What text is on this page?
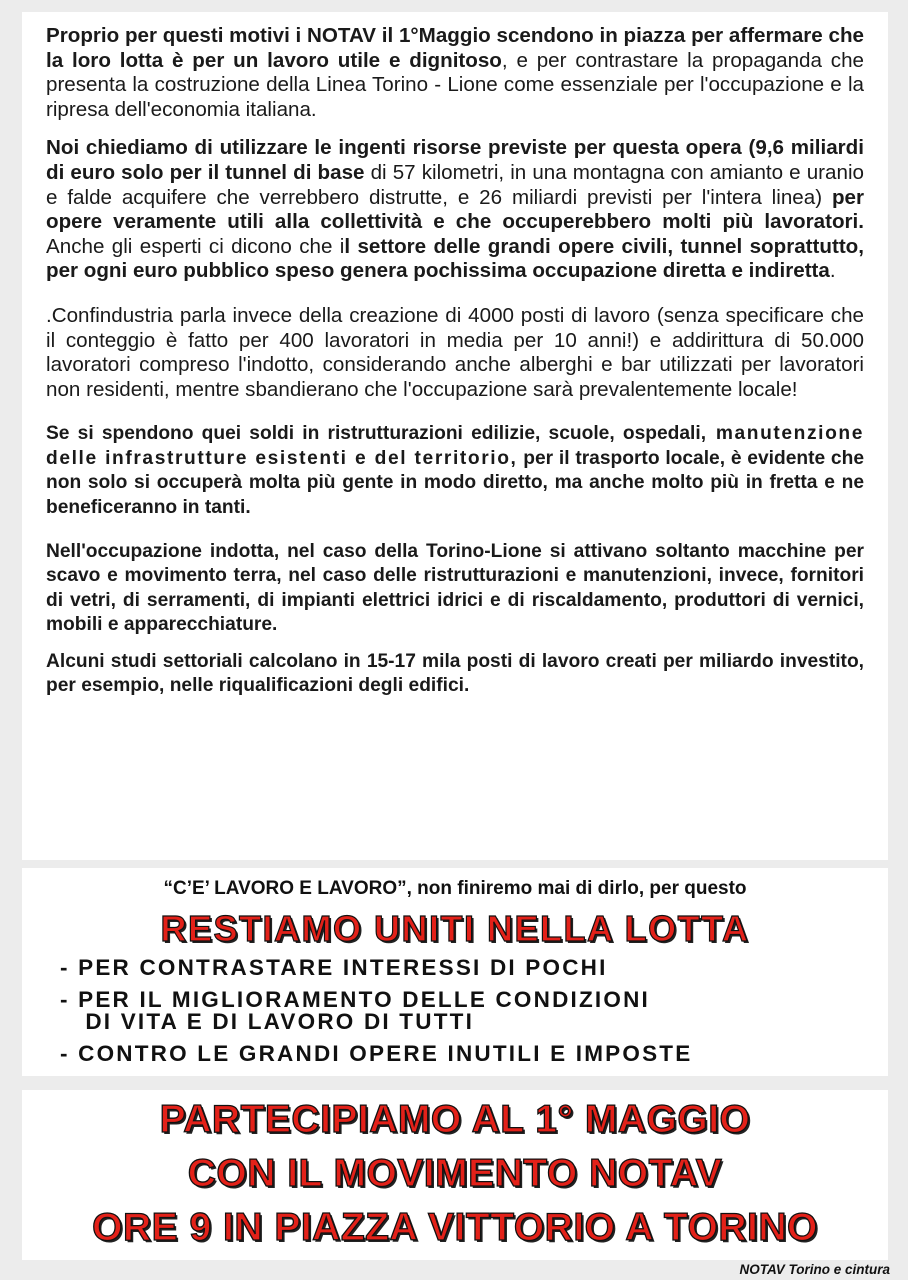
Proprio per questi motivi i NOTAV il 1°Maggio scendono in piazza per affermare che la loro lotta è per un lavoro utile e dignitoso, e per contrastare la propaganda che presenta la costruzione della Linea Torino - Lione come essenziale per l'occupazione e la ripresa dell'economia italiana.

Noi chiediamo di utilizzare le ingenti risorse previste per questa opera (9,6 miliardi di euro solo per il tunnel di base di 57 kilometri, in una montagna con amianto e uranio e falde acquifere che verrebbero distrutte, e 26 miliardi previsti per l'intera linea) per opere veramente utili alla collettività e che occuperebbero molti più lavoratori. Anche gli esperti ci dicono che il settore delle grandi opere civili, tunnel soprattutto, per ogni euro pubblico speso genera pochissima occupazione diretta e indiretta.

.Confindustria parla invece della creazione di 4000 posti di lavoro (senza specificare che il conteggio è fatto per 400 lavoratori in media per 10 anni!) e addirittura di 50.000 lavoratori compreso l'indotto, considerando anche alberghi e bar utilizzati per lavoratori non residenti, mentre sbandierano che l'occupazione sarà prevalentemente locale!

Se si spendono quei soldi in ristrutturazioni edilizie, scuole, ospedali, manutenzione delle infrastrutture esistenti e del territorio, per il trasporto locale, è evidente che non solo si occuperà molta più gente in modo diretto, ma anche molto più in fretta e ne beneficeranno in tanti.

Nell'occupazione indotta, nel caso della Torino-Lione si attivano soltanto macchine per scavo e movimento terra, nel caso delle ristrutturazioni e manutenzioni, invece, fornitori di vetri, di serramenti, di impianti elettrici idrici e di riscaldamento, produttori di vernici, mobili e apparecchiature.

Alcuni studi settoriali calcolano in 15-17 mila posti di lavoro creati per miliardo investito, per esempio, nelle riqualificazioni degli edifici.

“C’E’ LAVORO E LAVORO”, non finiremo mai di dirlo, per questo
RESTIAMO UNITI NELLA LOTTA
- PER CONTRASTARE INTERESSI DI POCHI
- PER IL MIGLIORAMENTO DELLE CONDIZIONI
DI VITA E DI LAVORO DI TUTTI
- CONTRO LE GRANDI OPERE INUTILI E IMPOSTE
PARTECIPIAMO AL 1° MAGGIO
CON IL MOVIMENTO NOTAV
ORE 9 IN PIAZZA VITTORIO A TORINO
NOTAV Torino e cintura
